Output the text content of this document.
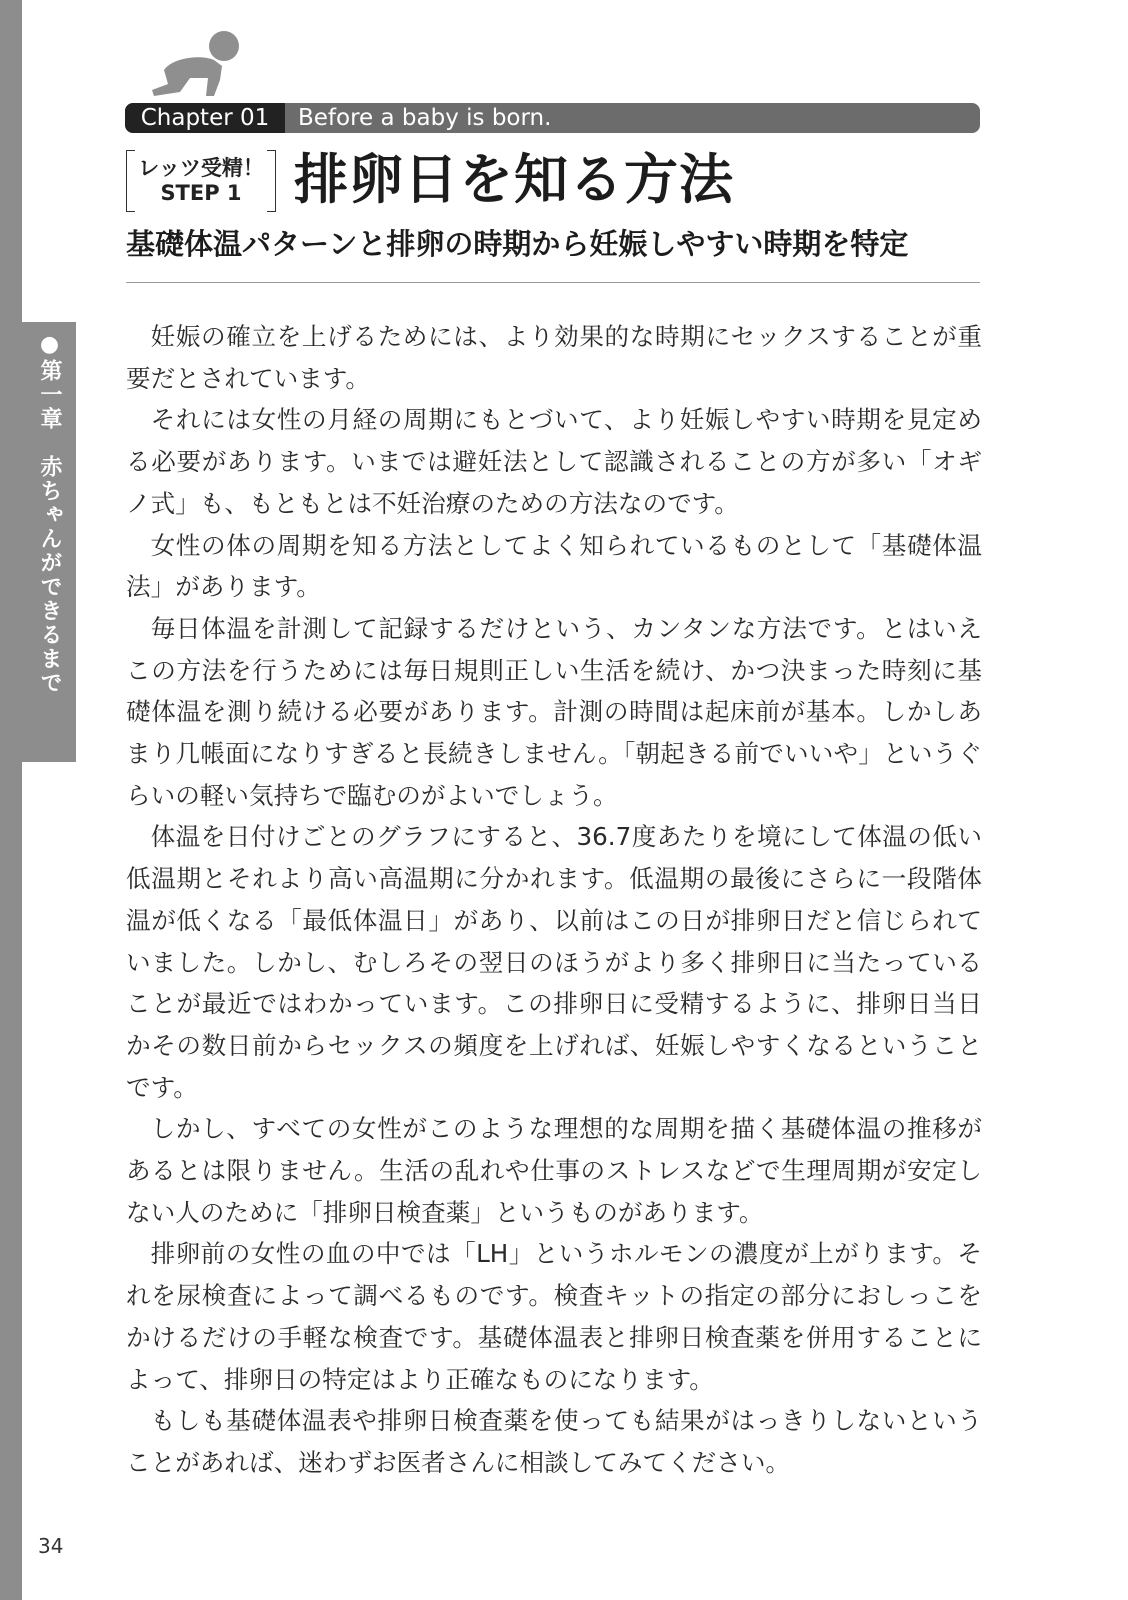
●第一章　赤ちゃんができるまで
Chapter 01	Before a baby is born.
レッツ受精！
STEP 1 排卵日を知る方法
基礎体温パターンと排卵の時期から妊娠しやすい時期を特定

妊娠の確立を上げるためには、より効果的な時期にセックスすることが重要だとされています。

それには女性の月経の周期にもとづいて、より妊娠しやすい時期を見定める必要があります。いまでは避妊法として認識されることの方が多い「オギノ式」も、もともとは不妊治療のための方法なのです。

女性の体の周期を知る方法としてよく知られているものとして「基礎体温法」があります。

毎日体温を計測して記録するだけという、カンタンな方法です。とはいえこの方法を行うためには毎日規則正しい生活を続け、かつ決まった時刻に基礎体温を測り続ける必要があります。計測の時間は起床前が基本。しかしあまり几帳面になりすぎると長続きしません。「朝起きる前でいいや」というぐらいの軽い気持ちで臨むのがよいでしょう。

体温を日付けごとのグラフにすると、36.7度あたりを境にして体温の低い低温期とそれより高い高温期に分かれます。低温期の最後にさらに一段階体温が低くなる「最低体温日」があり、以前はこの日が排卵日だと信じられていました。しかし、むしろその翌日のほうがより多く排卵日に当たっていることが最近ではわかっています。この排卵日に受精するように、排卵日当日かその数日前からセックスの頻度を上げれば、妊娠しやすくなるということです。

しかし、すべての女性がこのような理想的な周期を描く基礎体温の推移があるとは限りません。生活の乱れや仕事のストレスなどで生理周期が安定しない人のために「排卵日検査薬」というものがあります。

排卵前の女性の血の中では「LH」というホルモンの濃度が上がります。それを尿検査によって調べるものです。検査キットの指定の部分におしっこをかけるだけの手軽な検査です。基礎体温表と排卵日検査薬を併用することによって、排卵日の特定はより正確なものになります。

もしも基礎体温表や排卵日検査薬を使っても結果がはっきりしないということがあれば、迷わずお医者さんに相談してみてください。

34
